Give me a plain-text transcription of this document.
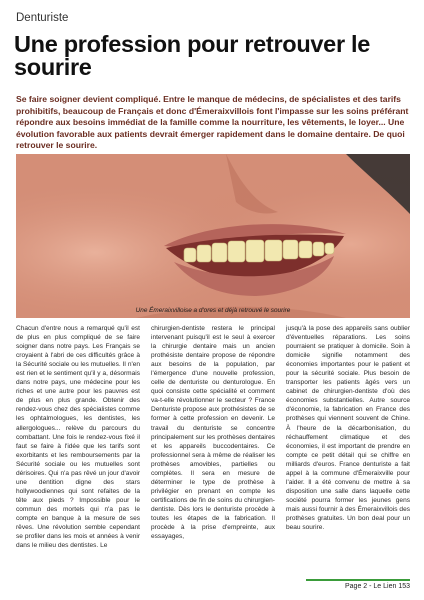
Denturiste
Une profession pour retrouver le sourire

Se faire soigner devient compliqué. Entre le manque de médecins, de spécialistes et des tarifs prohibitifs, beaucoup de Français et donc d'Émeraixvillois font l'impasse sur les soins préférant répondre aux besoins immédiat de la famille comme la nourriture, les vêtements, le loyer... Une évolution favorable aux patients devrait émerger rapidement dans le domaine dentaire. De quoi retrouver le sourire.

Une Émeraixvilloise a d'ores et déjà retrouvé le sourire

Chacun d'entre nous a remarqué qu'il est de plus en plus compliqué de se faire soigner dans notre pays. Les Français se croyaient à l'abri de ces difficultés grâce à la Sécurité sociale ou les mutuelles. Il n'en est rien et le sentiment qu'il y a, désormais dans notre pays, une médecine pour les riches et une autre pour les pauvres est de plus en plus grande. Obtenir des rendez-vous chez des spécialistes comme les ophtalmologues, les dentistes, les allergologues... relève du parcours du combattant. Une fois le rendez-vous fixé il faut se faire à l'idée que les tarifs sont exorbitants et les remboursements par la Sécurité sociale ou les mutuelles sont dérisoires. Qui n'a pas rêvé un jour d'avoir une dentition digne des stars hollywoodiennes qui sont refaites de la tête aux pieds ? Impossible pour le commun des mortels qui n'a pas le compte en banque à la mesure de ses rêves. Une révolution semble cependant se profiler dans les mois et années à venir dans le milieu des dentistes. Le

chirurgien-dentiste restera le principal intervenant puisqu'il est le seul à exercer la chirurgie dentaire mais un ancien prothésiste dentaire propose de répondre aux besoins de la population, par l'émergence d'une nouvelle profession, celle de denturiste ou denturologue. En quoi consiste cette spécialité et comment va-t-elle révolutionner le secteur ? France Denturiste propose aux prothésistes de se former à cette profession en devenir. Le travail du denturiste se concentre principalement sur les prothèses dentaires et les appareils buccodentaires. Ce professionnel sera à même de réaliser les prothèses amovibles, partielles ou complètes. Il sera en mesure de déterminer le type de prothèse à privilégier en prenant en compte les certifications de fin de soins du chirurgien-dentiste. Dès lors le denturiste procède à toutes les étapes de la fabrication. Il procède à la prise d'empreinte, aux essayages,

jusqu'à la pose des appareils sans oublier d'éventuelles réparations. Les soins pourraient se pratiquer à domicile. Soin à domicile signifie notamment des économies importantes pour le patient et pour la sécurité sociale. Plus besoin de transporter les patients âgés vers un cabinet de chirurgien-dentiste d'où des économies substantielles. Autre source d'économie, la fabrication en France des prothèses qui viennent souvent de Chine. À l'heure de la décarbonisation, du réchauffement climatique et des économies, il est important de prendre en compte ce petit détail qui se chiffre en milliards d'euros. France denturiste a fait appel à la commune d'Émeraixville pour l'aider. Il a été convenu de mettre à sa disposition une salle dans laquelle cette société pourra former les jeunes gens mais aussi fournir à des Émeraixvillois des prothèses gratuites. Un bon deal pour un beau sourire.

Page 2 - Le Lien 153
